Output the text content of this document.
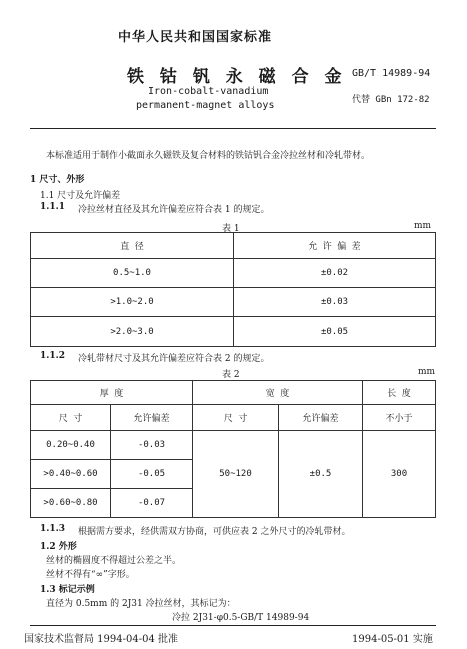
中华人民共和国国家标准
铁 钴 钒 永 磁 合 金
Iron-cobalt-vanadium
permanent-magnet alloys
GB/T 14989-94
代替 GBn 172-82
本标准适用于制作小截面永久磁铁及复合材料的铁钴钒合金冷拉丝材和冷轧带材。
1 尺寸、外形
1.1 尺寸及允许偏差
1.1.1 冷拉丝材直径及其允许偏差应符合表 1 的规定。
表 1	mm
直 径	允 许 偏 差
0.5~1.0	±0.02
>1.0~2.0	±0.03
>2.0~3.0	±0.05
1.1.2 冷轧带材尺寸及其允许偏差应符合表 2 的规定。
表 2	mm
厚 度		宽 度		长 度
尺 寸	允许偏差	尺 寸	允许偏差	不小于
0.20~0.40	-0.03	50~120	±0.5	300
>0.40~0.60	-0.05			
>0.60~0.80	-0.07			
1.1.3 根据需方要求，经供需双方协商，可供应表 2 之外尺寸的冷轧带材。
1.2 外形
丝材的椭圆度不得超过公差之半。
丝材不得有“∞”字形。
1.3 标记示例
直径为 0.5mm 的 2J31 冷拉丝材，其标记为：
冷拉 2J31-φ0.5-GB/T 14989-94
国家技术监督局 1994-04-04 批准	1994-05-01 实施
